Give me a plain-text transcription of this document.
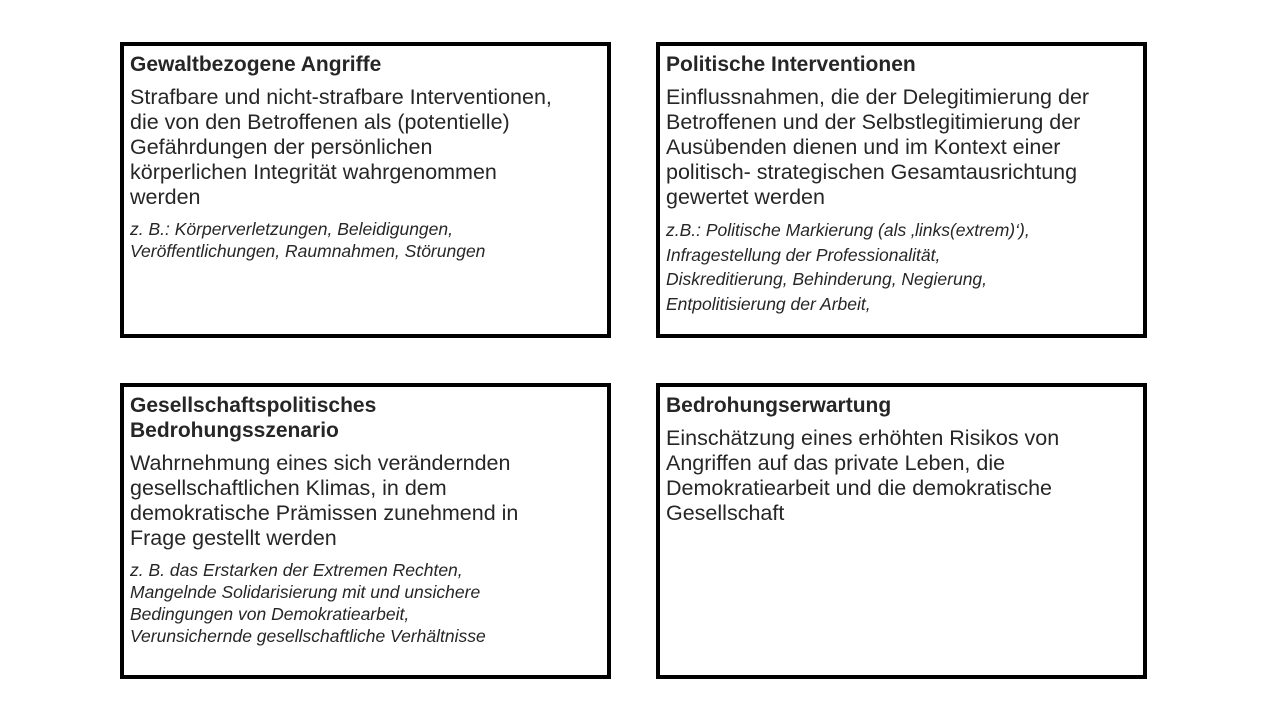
Gewaltbezogene Angriffe
Strafbare und nicht-strafbare Interventionen,
die von den Betroffenen als (potentielle)
Gefährdungen der persönlichen
körperlichen Integrität wahrgenommen
werden
z. B.: Körperverletzungen, Beleidigungen,
Veröffentlichungen, Raumnahmen, Störungen
Politische Interventionen
Einflussnahmen, die der Delegitimierung der
Betroffenen und der Selbstlegitimierung der
Ausübenden dienen und im Kontext einer
politisch- strategischen Gesamtausrichtung
gewertet werden
z.B.: Politische Markierung (als ‚links(extrem)‘),
Infragestellung der Professionalität,
Diskreditierung, Behinderung, Negierung,
Entpolitisierung der Arbeit,
Gesellschaftspolitisches
Bedrohungsszenario
Wahrnehmung eines sich verändernden
gesellschaftlichen Klimas, in dem
demokratische Prämissen zunehmend in
Frage gestellt werden
z. B. das Erstarken der Extremen Rechten,
Mangelnde Solidarisierung mit und unsichere
Bedingungen von Demokratiearbeit,
Verunsichernde gesellschaftliche Verhältnisse
Bedrohungserwartung
Einschätzung eines erhöhten Risikos von
Angriffen auf das private Leben, die
Demokratiearbeit und die demokratische
Gesellschaft
